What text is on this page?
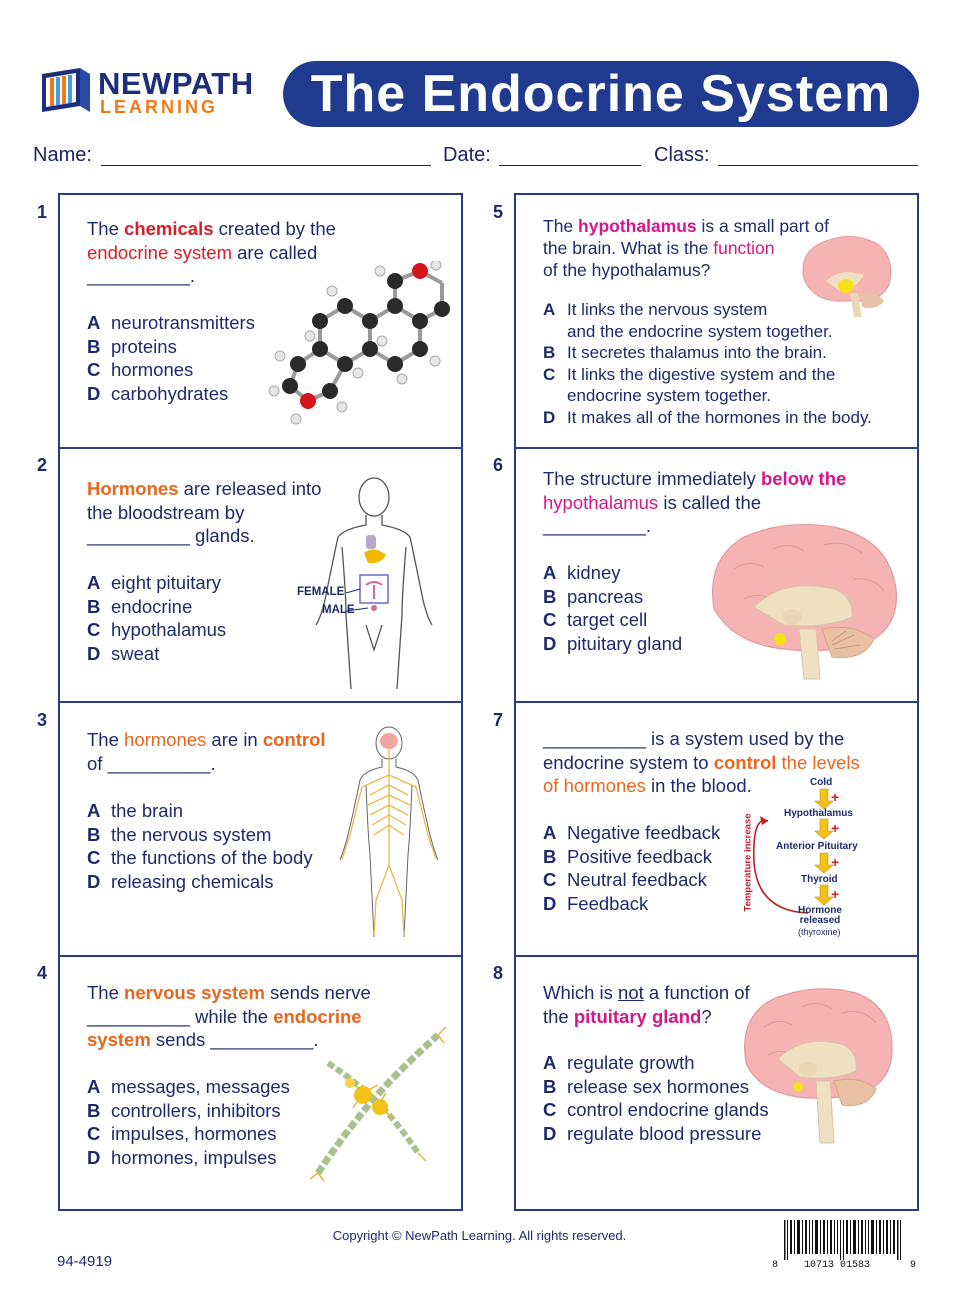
NEWPATH
LEARNING	The Endocrine System
Name:	Date:	Class:
1
The chemicals created by the
endocrine system are called
__________.
A neurotransmitters
B proteins
C hormones
D carbohydrates
2
Hormones are released into
the bloodstream by
__________ glands.
A eight pituitary
B endocrine
C hypothalamus
D sweat
FEMALE
MALE
3
The hormones are in control
of __________.
A the brain
B the nervous system
C the functions of the body
D releasing chemicals
4
The nervous system sends nerve
__________ while the endocrine
system sends __________.
A messages, messages
B controllers, inhibitors
C impulses, hormones
D hormones, impulses
5
The hypothalamus is a small part of
the brain. What is the function
of the hypothalamus?
A It links the nervous system
and the endocrine system together.
B It secretes thalamus into the brain.
C It links the digestive system and the
endocrine system together.
D It makes all of the hormones in the body.
6
The structure immediately below the
hypothalamus is called the
__________.
A kidney
B pancreas
C target cell
D pituitary gland
7
__________ is a system used by the
endocrine system to control the levels
of hormones in the blood.
A Negative feedback
B Positive feedback
C Neutral feedback
D Feedback
Cold
+
Hypothalamus
+
Anterior Pituitary
+
Thyroid
+
Hormone
released
(thyroxine)
Temperature increase
8
Which is not a function of
the pituitary gland?
A regulate growth
B release sex hormones
C control endocrine glands
D regulate blood pressure
Copyright © NewPath Learning. All rights reserved.
94-4919	8	10713 01583	9
